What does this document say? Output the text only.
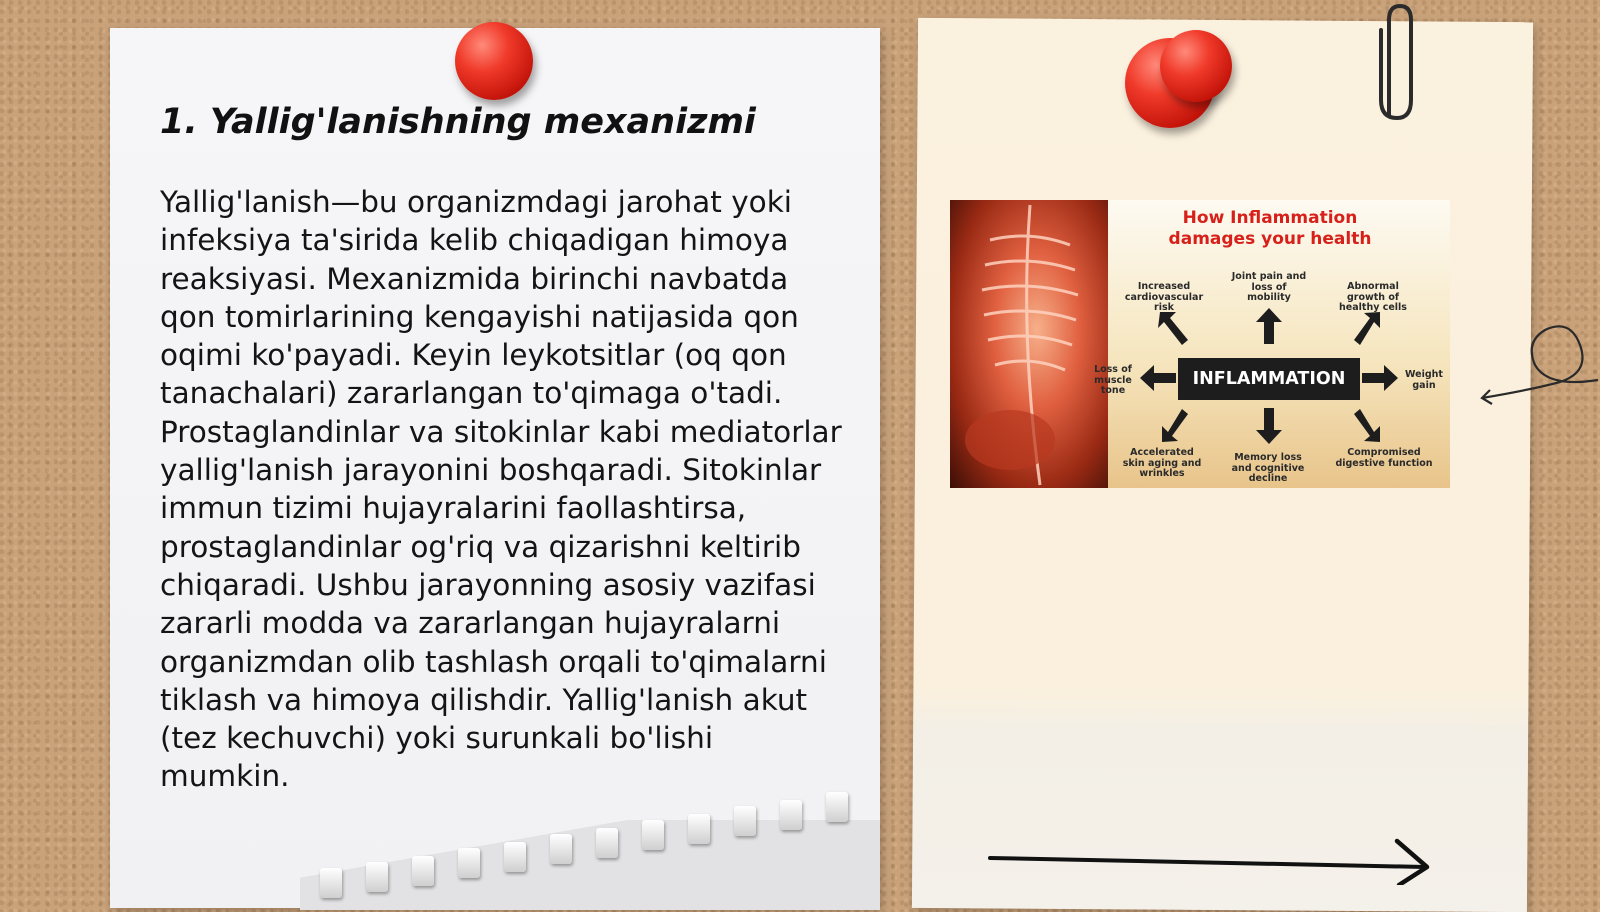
1. Yallig'lanishning mexanizmi

Yallig'lanish—bu organizmdagi jarohat yoki infeksiya ta'sirida kelib chiqadigan himoya reaksiyasi. Mexanizmida birinchi navbatda qon tomirlarining kengayishi natijasida qon oqimi ko'payadi. Keyin leykotsitlar (oq qon tanachalari) zararlangan to'qimaga o'tadi. Prostaglandinlar va sitokinlar kabi mediatorlar yallig'lanish jarayonini boshqaradi. Sitokinlar immun tizimi hujayralarini faollashtirsa, prostaglandinlar og'riq va qizarishni keltirib chiqaradi. Ushbu jarayonning asosiy vazifasi zararli modda va zararlangan hujayralarni organizmdan olib tashlash orqali to'qimalarni tiklash va himoya qilishdir. Yallig'lanish akut (tez kechuvchi) yoki surunkali bo'lishi mumkin.

How Inflammation
damages your health

INFLAMMATION
Increased cardiovascular risk
Joint pain and loss of mobility
Abnormal growth of healthy cells
Loss of muscle tone
Weight gain
Accelerated skin aging and wrinkles
Memory loss and cognitive decline
Compromised digestive function
